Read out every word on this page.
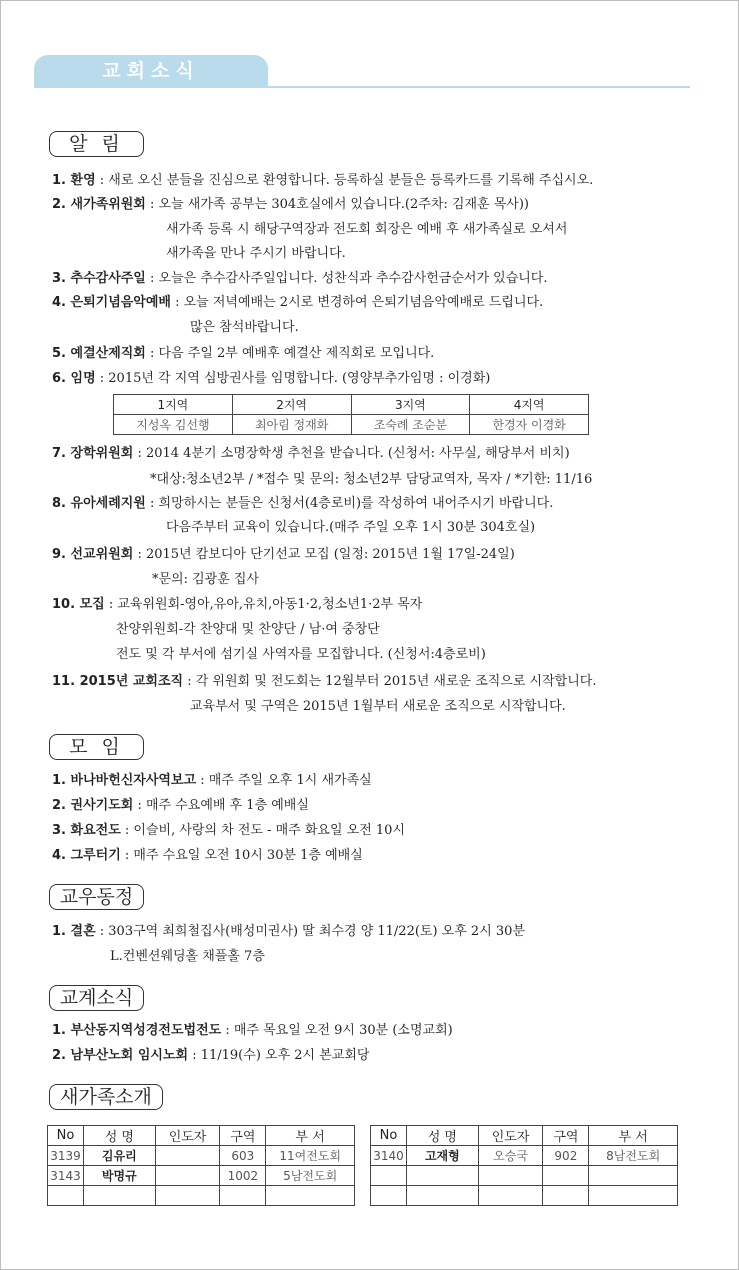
교회소식
알 림
1. 환영 : 새로 오신 분들을 진심으로 환영합니다. 등록하실 분들은 등록카드를 기록해 주십시오.
2. 새가족위원회 : 오늘 새가족 공부는 304호실에서 있습니다.(2주차: 김재훈 목사))
새가족 등록 시 해당구역장과 전도회 회장은 예배 후 새가족실로 오셔서
새가족을 만나 주시기 바랍니다.
3. 추수감사주일 : 오늘은 추수감사주일입니다. 성찬식과 추수감사헌금순서가 있습니다.
4. 은퇴기념음악예배 : 오늘 저녁예배는 2시로 변경하여 은퇴기념음악예배로 드립니다.
많은 참석바랍니다.
5. 예결산제직회 : 다음 주일 2부 예배후 예결산 제직회로 모입니다.
6. 임명 : 2015년 각 지역 심방권사를 임명합니다. (영양부추가임명 : 이경화)
7. 장학위원회 : 2014 4분기 소명장학생 추천을 받습니다. (신청서: 사무실, 해당부서 비치)
*대상:청소년2부 / *접수 및 문의: 청소년2부 담당교역자, 목자 / *기한: 11/16
8. 유아세례지원 : 희망하시는 분들은 신청서(4층로비)를 작성하여 내어주시기 바랍니다.
다음주부터 교육이 있습니다.(매주 주일 오후 1시 30분 304호실)
9. 선교위원회 : 2015년 캄보디아 단기선교 모집 (일정: 2015년 1월 17일-24일)
*문의: 김광훈 집사
10. 모집 : 교육위원회-영아,유아,유치,아동1·2,청소년1·2부 목자
찬양위원회-각 찬양대 및 찬양단 / 남·여 중창단
전도 및 각 부서에 섬기실 사역자를 모집합니다. (신청서:4층로비)
11. 2015년 교회조직 : 각 위원회 및 전도회는 12월부터 2015년 새로운 조직으로 시작합니다.
교육부서 및 구역은 2015년 1월부터 새로운 조직으로 시작합니다.
1지역	2지역	3지역	4지역
지성옥 김선행	최아림 정재화	조숙례 조순분	한경자 이경화
모 임
1. 바나바헌신자사역보고 : 매주 주일 오후 1시 새가족실
2. 권사기도회 : 매주 수요예배 후 1층 예배실
3. 화요전도 : 이슬비, 사랑의 차 전도 - 매주 화요일 오전 10시
4. 그루터기 : 매주 수요일 오전 10시 30분 1층 예배실
교우동정
1. 결혼 : 303구역 최희철집사(배성미권사) 딸 최수경 양 11/22(토) 오후 2시 30분
L.컨벤션웨딩홀 채플홀 7층
교계소식
1. 부산동지역성경전도법전도 : 매주 목요일 오전 9시 30분 (소명교회)
2. 남부산노회 임시노회 : 11/19(수) 오후 2시 본교회당
새가족소개
No	성 명	인도자	구역	부 서
3139	김유리		603	11여전도회
3143	박명규		1002	5남전도회

No	성 명	인도자	구역	부 서
3140	고재형	오승국	902	8남전도회
